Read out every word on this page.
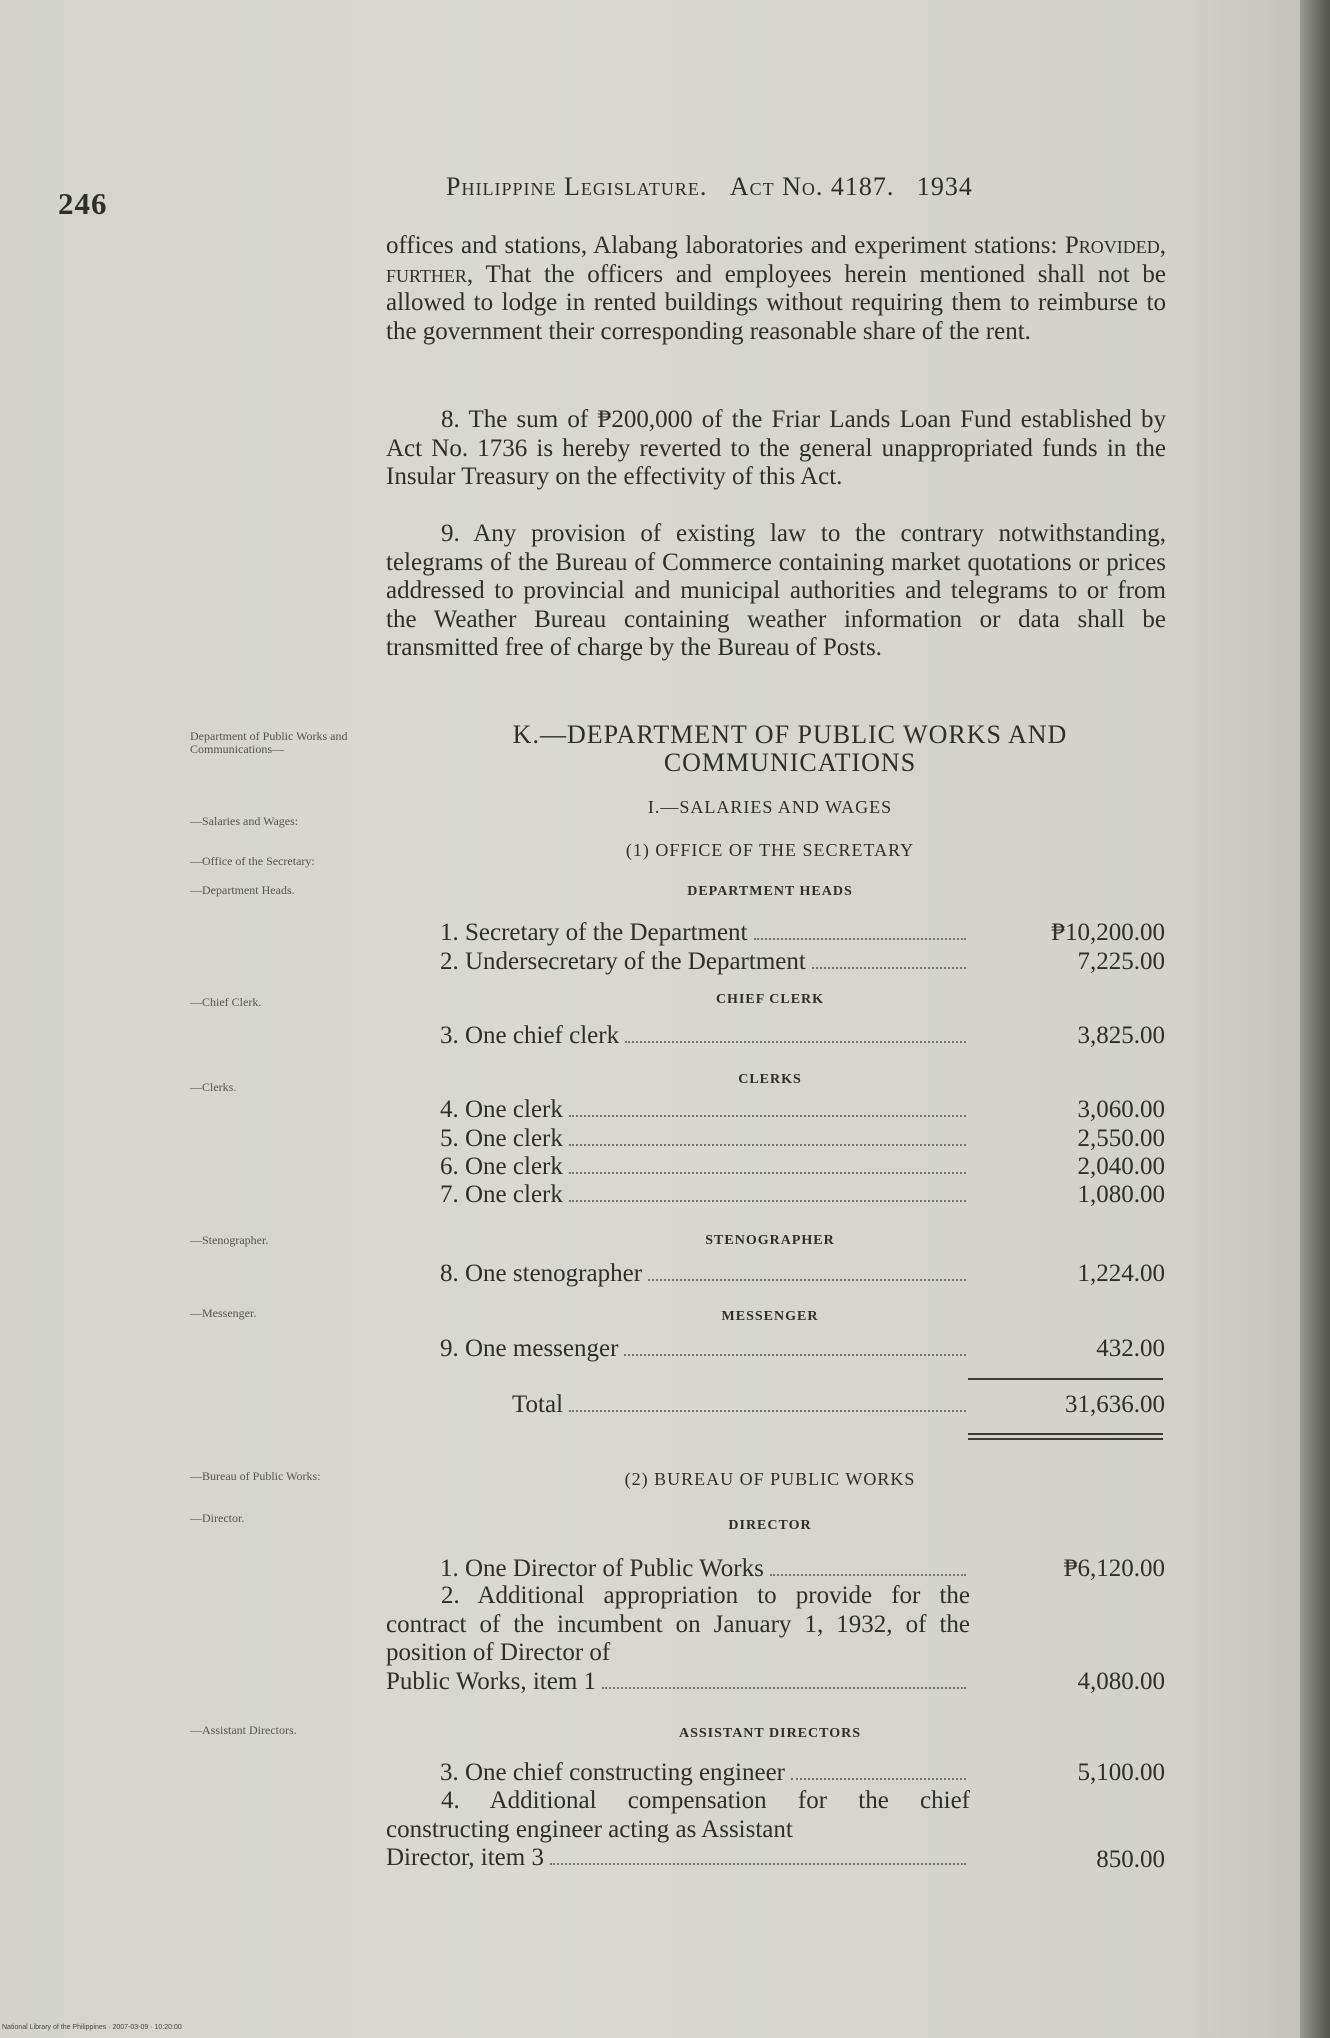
246	Philippine Legislature. Act No. 4187. 1934
offices and stations, Alabang laboratories and experiment stations: Provided, further, That the officers and employees herein mentioned shall not be allowed to lodge in rented buildings without requiring them to reimburse to the government their corresponding reasonable share of the rent.
8. The sum of ₱200,000 of the Friar Lands Loan Fund established by Act No. 1736 is hereby reverted to the general unappropriated funds in the Insular Treasury on the effectivity of this Act.
9. Any provision of existing law to the contrary notwithstanding, telegrams of the Bureau of Commerce containing market quotations or prices addressed to provincial and municipal authorities and telegrams to or from the Weather Bureau containing weather information or data shall be transmitted free of charge by the Bureau of Posts.
Department of Public Works and Communications—
—Salaries and Wages:
—Office of the Secretary:
—Department Heads.
—Chief Clerk.
—Clerks.
—Stenographer.
—Messenger.
—Bureau of Public Works:
—Director.
—Assistant Directors.
K.—DEPARTMENT OF PUBLIC WORKS AND
COMMUNICATIONS
I.—SALARIES AND WAGES
(1) OFFICE OF THE SECRETARY
DEPARTMENT HEADS
1. Secretary of the Department	₱10,200.00
2. Undersecretary of the Department	7,225.00
CHIEF CLERK
3. One chief clerk	3,825.00
CLERKS
4. One clerk	3,060.00
5. One clerk	2,550.00
6. One clerk	2,040.00
7. One clerk	1,080.00
STENOGRAPHER
8. One stenographer	1,224.00
MESSENGER
9. One messenger	432.00
Total	31,636.00
(2) BUREAU OF PUBLIC WORKS
DIRECTOR
1. One Director of Public Works	₱6,120.00
2. Additional appropriation to provide for the contract of the incumbent on January 1, 1932, of the position of Director of
Public Works, item 1	4,080.00
ASSISTANT DIRECTORS
3. One chief constructing engineer	5,100.00
4. Additional compensation for the chief constructing engineer acting as Assistant
Director, item 3	850.00
National Library of the Philippines · 2007-03-09 · 10:20:00
